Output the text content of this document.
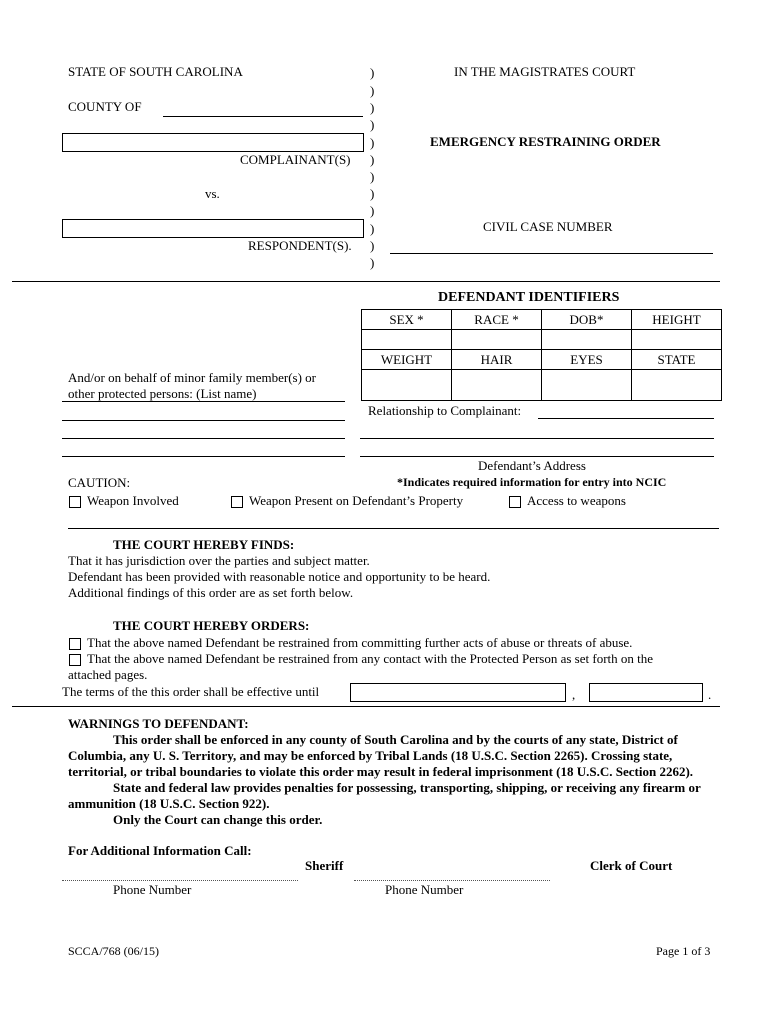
STATE OF SOUTH CAROLINA
COUNTY OF
COMPLAINANT(S)
vs.
RESPONDENT(S).
)
)
)
)
)
)
)
)
)
)
)
)
IN THE MAGISTRATES COURT
EMERGENCY RESTRAINING ORDER
CIVIL CASE NUMBER
DEFENDANT IDENTIFIERS
SEX *	RACE *	DOB*	HEIGHT

WEIGHT	HAIR	EYES	STATE

Relationship to Complainant:
Defendant’s Address
*Indicates required information for entry into NCIC
And/or on behalf of minor family member(s) or
other protected persons: (List name)
CAUTION:
Weapon Involved	Weapon Present on Defendant’s Property	Access to weapons
THE COURT HEREBY FINDS:
That it has jurisdiction over the parties and subject matter.
Defendant has been provided with reasonable notice and opportunity to be heard.
Additional findings of this order are as set forth below.
THE COURT HEREBY ORDERS:
That the above named Defendant be restrained from committing further acts of abuse or threats of abuse.
That the above named Defendant be restrained from any contact with the Protected Person as set forth on the
attached pages.
The terms of the this order shall be effective until	,	.
WARNINGS TO DEFENDANT:
This order shall be enforced in any county of South Carolina and by the courts of any state, District of
Columbia, any U. S. Territory, and may be enforced by Tribal Lands (18 U.S.C. Section 2265). Crossing state,
territorial, or tribal boundaries to violate this order may result in federal imprisonment (18 U.S.C. Section 2262).
State and federal law provides penalties for possessing, transporting, shipping, or receiving any firearm or
ammunition (18 U.S.C. Section 922).
Only the Court can change this order.
For Additional Information Call:
Sheriff	Clerk of Court
Phone Number	Phone Number
SCCA/768 (06/15)	Page 1 of 3
